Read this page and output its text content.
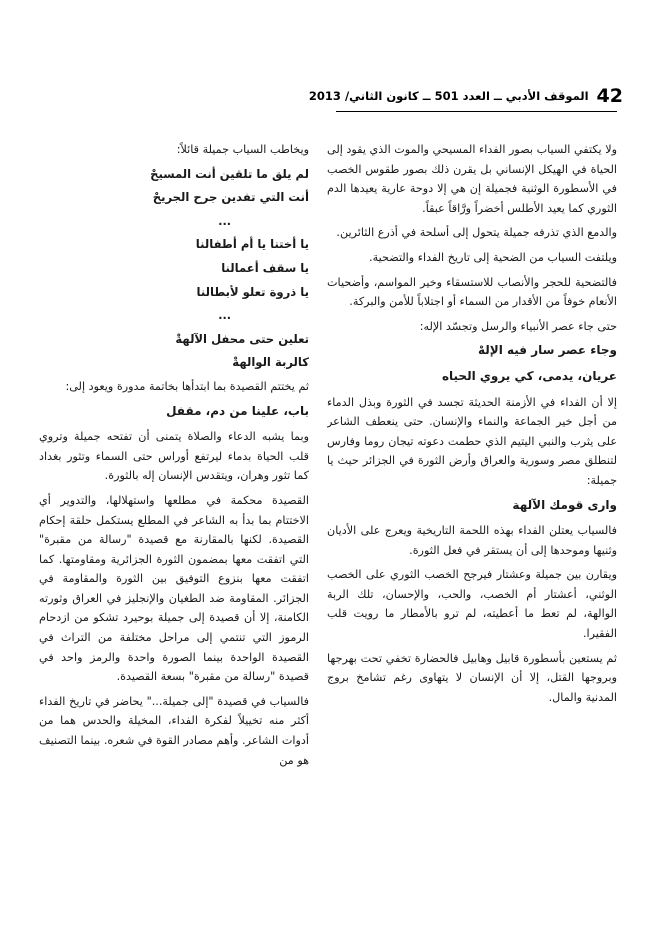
42
الموقف الأدبي ــ العدد 501 ــ كانون الثاني/ 2013

ولا يكتفي السياب بصور الفداء المسيحي والموت الذي يقود إلى الحياة في الهيكل الإنساني بل يقرن ذلك بصور طقوس الخصب في الأسطورة الوثنية فجميلة إن هي إلا دوحة عارية يعيدها الدم الثوري كما يعيد الأطلس أخضراً ورَّاقاً عبقاً.

والدمع الذي تذرفه جميلة يتحول إلى أسلحة في أذرع الثائرين.

ويلتفت السياب من الضحية إلى تاريخ الفداء والتضحية.

فالتضحية للحجر والأنصاب للاستسقاء وخير المواسم، وأضحيات الأنعام خوفاً من الأقدار من السماء أو اجتلاباً للأمن والبركة.

حتى جاء عصر الأنبياء والرسل وتجسّد الإله:

وجاء عصر سار فيه الإلهْ

عريان، يدمى، كي يروي الحياه

إلا أن الفداء في الأزمنة الحديثة تجسد في الثورة وبذل الدماء من أجل خير الجماعة والنماء والإنسان. حتى ينعطف الشاعر على يثرب والنبي اليتيم الذي حطمت دعوته تيجان روما وفارس لتنطلق مصر وسورية والعراق وأرض الثورة في الجزائر حيث يا جميلة:

وارى قومك الآلهة

فالسياب يعتلن الفداء بهذه اللحمة التاريخية ويعرج على الأديان وثنيها وموحدها إلى أن يستقر في فعل الثورة.

ويقارن بين جميلة وعشتار فيرجح الخصب الثوري على الخصب الوثني، أعشتار أم الخصب، والحب، والإحسان، تلك الربة الوالهة، لم تعط ما أعطيته، لم ترو بالأمطار ما رويت قلب الفقيرا.

ثم يستعين بأسطورة قابيل وهابيل فالحضارة تخفي تحت بهرجها وبروجها القتل، إلا أن الإنسان لا يتهاوى رغم تشامخ بروج المدنية والمال.

ويخاطب السياب جميلة قائلاً:

لم يلق ما تلقين أنت المسيحْ

أنت التي تفدين جرح الجريحْ

...

يا أختنا يا أم أطفالنا

يا سقف أعمالنا

يا ذروة تعلو لأبطالنا

...

تعلين حتى محفل الآلهةْ

كالربة الوالهةْ

ثم يختتم القصيدة بما ابتدأها بخاتمة مدورة ويعود إلى:

باب، علينا من دم، مقفل

وبما يشبه الدعاء والصلاة يتمنى أن تفتحه جميلة وتروي قلب الحياة بدماء ليرتفع أوراس حتى السماء وتثور بغداد كما تثور وهران، ويتقدس الإنسان إله بالثورة.

القصيدة محكمة في مطلعها واستهلالها، والتدوير أي الاختتام بما بدأ به الشاعر في المطلع يستكمل حلقة إحكام القصيدة. لكنها بالمقارنة مع قصيدة "رسالة من مقبرة" التي اتفقت معها بمضمون الثورة الجزائرية ومقاومتها. كما اتفقت معها بنزوع التوفيق بين الثورة والمقاومة في الجزائر. المقاومة ضد الطغيان والإنجليز في العراق وثورته الكامنة، إلا أن قصيدة إلى جميلة بوحيرد تشكو من ازدحام الرموز التي تنتمي إلى مراحل مختلفة من التراث في القصيدة الواحدة بينما الصورة واحدة والرمز واحد في قصيدة "رسالة من مقبرة" بسعة القصيدة.

فالسياب في قصيدة "إلى جميلة..." يحاضر في تاريخ الفداء أكثر منه تخييلاً لفكرة الفداء، المخيلة والحدس هما من أدوات الشاعر. وأهم مصادر القوة في شعره. بينما التصنيف هو من
